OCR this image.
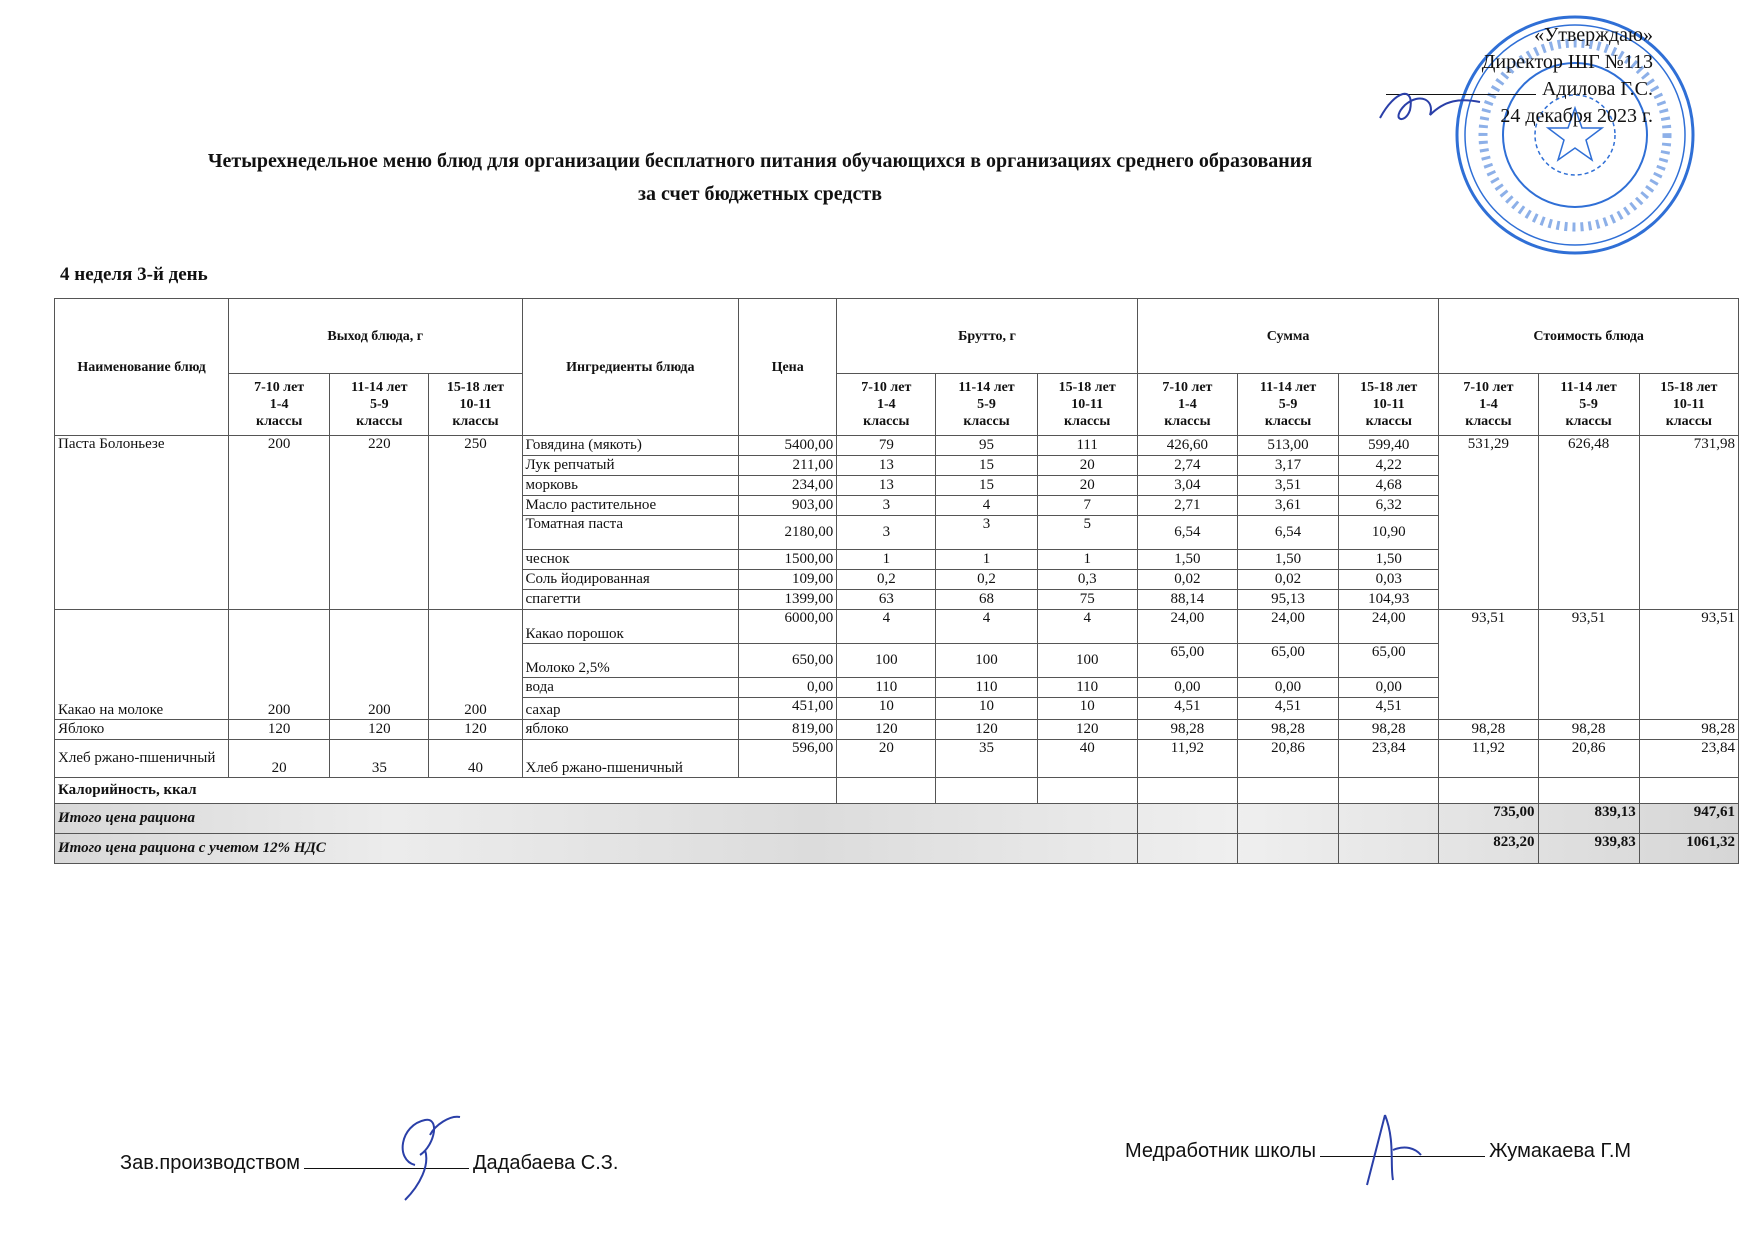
«Утверждаю»
Директор ШГ №113
Адилова Г.С.
24 декабря 2023 г.
Четырехнедельное меню блюд для организации бесплатного питания обучающихся в организациях среднего образования
за счет бюджетных средств
4 неделя 3-й день
Наименование блюд	Выход блюда, г			Ингредиенты блюда	Цена	Брутто, г			Сумма			Стоимость блюда		
	7-10 лет
1-4
классы	11-14 лет
5-9
классы	15-18 лет
10-11
классы			7-10 лет
1-4
классы	11-14 лет
5-9
классы	15-18 лет
10-11
классы	7-10 лет
1-4
классы	11-14 лет
5-9
классы	15-18 лет
10-11
классы	7-10 лет
1-4
классы	11-14 лет
5-9
классы	15-18 лет
10-11
классы
Паста Болоньезе	200	220	250	Говядина (мякоть)	5400,00	79	95	111	426,60	513,00	599,40	531,29	626,48	731,98
				Лук репчатый	211,00	13	15	20	2,74	3,17	4,22			
				морковь	234,00	13	15	20	3,04	3,51	4,68			
				Масло растительное	903,00	3	4	7	2,71	3,61	6,32			
				Томатная паста	2180,00	3	3	5	6,54	6,54	10,90			
				чеснок	1500,00	1	1	1	1,50	1,50	1,50			
				Соль йодированная	109,00	0,2	0,2	0,3	0,02	0,02	0,03			
				спагетти	1399,00	63	68	75	88,14	95,13	104,93			
Какао на молоке	200	200	200	Какао порошок	6000,00	4	4	4	24,00	24,00	24,00	93,51	93,51	93,51
				Молоко 2,5%	650,00	100	100	100	65,00	65,00	65,00			
				вода	0,00	110	110	110	0,00	0,00	0,00			
				сахар	451,00	10	10	10	4,51	4,51	4,51			
Яблоко	120	120	120	яблоко	819,00	120	120	120	98,28	98,28	98,28	98,28	98,28	98,28
Хлеб ржано-пшеничный	20	35	40	Хлеб ржано-пшеничный	596,00	20	35	40	11,92	20,86	23,84	11,92	20,86	23,84
Калорийность, ккал														
Итого цена рациона												735,00	839,13	947,61
Итого цена рациона с учетом 12% НДС												823,20	939,83	1061,32
Зав.производством	Дадабаева С.З.
Медработник школы	Жумакаева Г.М
